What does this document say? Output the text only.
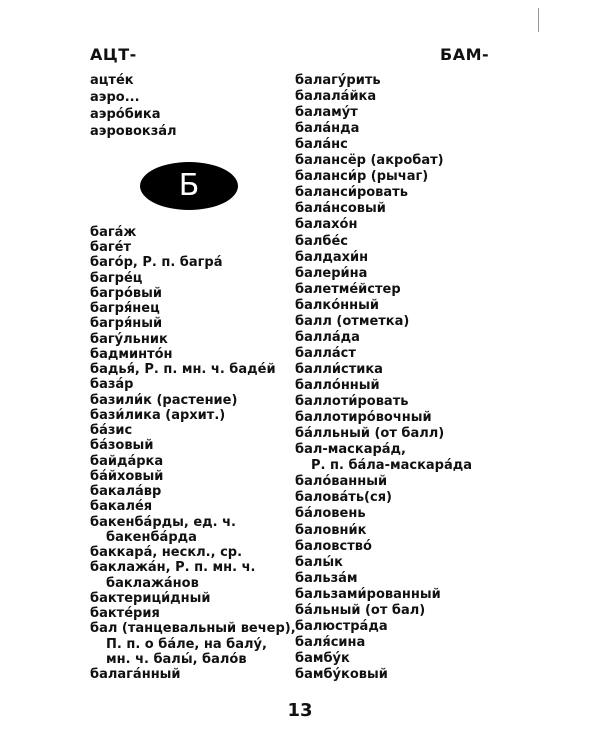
АЦТ-	БАМ-
ацте́к
аэро...
аэро́бика
аэровокза́л
Б
бага́ж
баге́т
баго́р, Р. п. багра́
багре́ц
багро́вый
багря́нец
багря́ный
багу́льник
бадминто́н
бадья́, Р. п. мн. ч. баде́й
база́р
базили́к (растение)
бази́лика (архит.)
ба́зис
ба́зовый
байда́рка
ба́йховый
бакала́вр
бакале́я
бакенба́рды, ед. ч.
бакенба́рда
баккара́, нескл., ср.
баклажа́н, Р. п. мн. ч.
баклажа́нов
бактерици́дный
бакте́рия
бал (танцевальный вечер),
П. п. о ба́ле, на балу́,
мн. ч. балы́, бало́в
балага́нный
балагу́рить
балала́йка
баламу́т
бала́нда
бала́нс
балансёр (акробат)
баланси́р (рычаг)
баланси́ровать
бала́нсовый
балахо́н
балбе́с
балдахи́н
балери́на
балетме́йстер
балко́нный
балл (отметка)
балла́да
балла́ст
балли́стика
балло́нный
баллоти́ровать
баллотиро́вочный
ба́лльный (от балл)
бал-маскара́д,
Р. п. ба́ла-маскара́да
бало́ванный
балова́ть(ся)
ба́ловень
баловни́к
баловство́
балы́к
бальза́м
бальзами́рованный
ба́льный (от бал)
балюстра́да
баля́сина
бамбу́к
бамбу́ковый
13
